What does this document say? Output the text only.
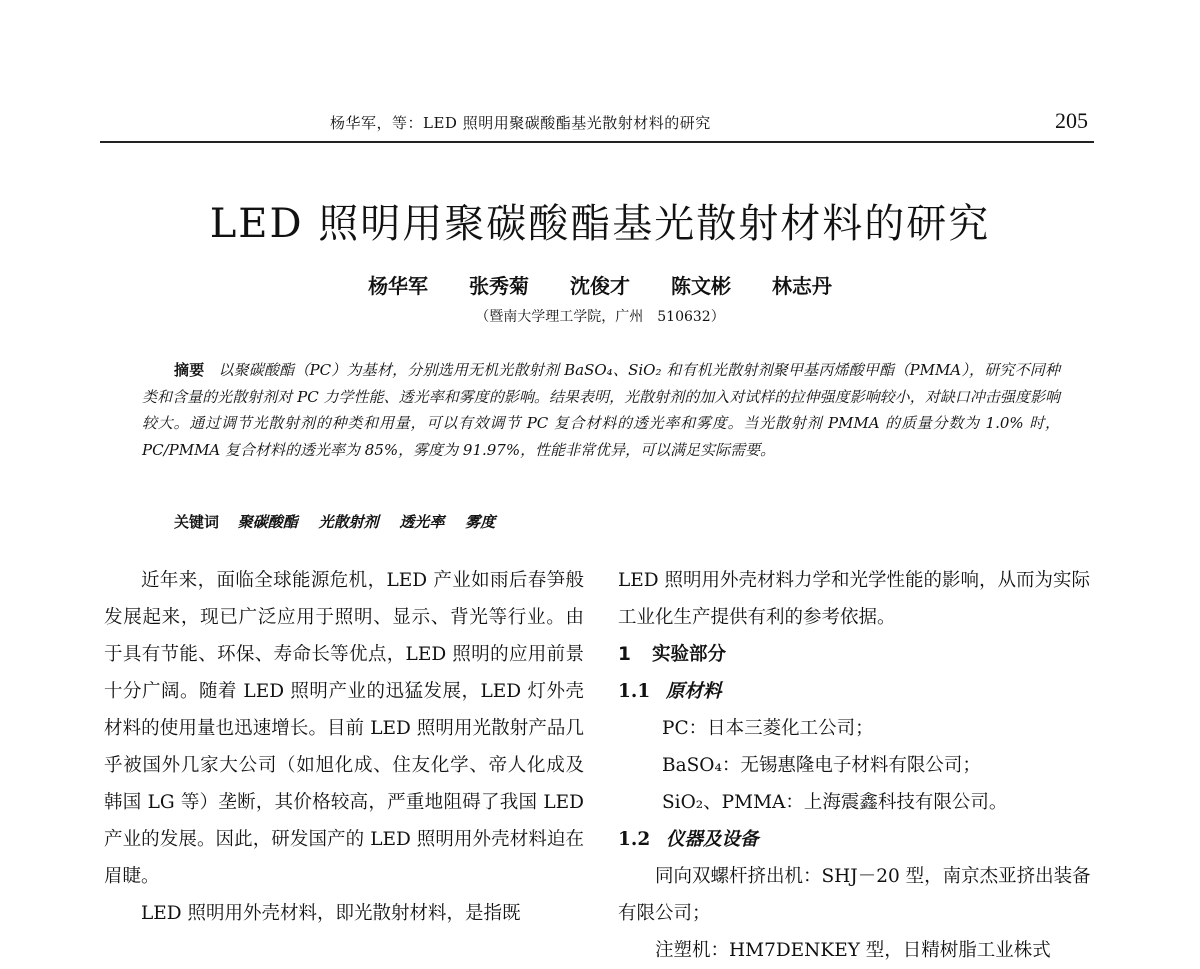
杨华军，等：LED 照明用聚碳酸酯基光散射材料的研究	205
LED 照明用聚碳酸酯基光散射材料的研究
杨华军 张秀菊 沈俊才 陈文彬 林志丹
（暨南大学理工学院，广州　510632）
摘要 以聚碳酸酯（PC）为基材，分别选用无机光散射剂 BaSO₄、SiO₂ 和有机光散射剂聚甲基丙烯酸甲酯（PMMA），研究不同种类和含量的光散射剂对 PC 力学性能、透光率和雾度的影响。结果表明，光散射剂的加入对试样的拉伸强度影响较小，对缺口冲击强度影响较大。通过调节光散射剂的种类和用量，可以有效调节 PC 复合材料的透光率和雾度。当光散射剂 PMMA 的质量分数为 1.0% 时，PC/PMMA 复合材料的透光率为 85%，雾度为 91.97%，性能非常优异，可以满足实际需要。
关键词 聚碳酸酯 光散射剂 透光率 雾度

近年来，面临全球能源危机，LED 产业如雨后春笋般发展起来，现已广泛应用于照明、显示、背光等行业。由于具有节能、环保、寿命长等优点，LED 照明的应用前景十分广阔。随着 LED 照明产业的迅猛发展，LED 灯外壳材料的使用量也迅速增长。目前 LED 照明用光散射产品几乎被国外几家大公司（如旭化成、住友化学、帝人化成及韩国 LG 等）垄断，其价格较高，严重地阻碍了我国 LED 产业的发展。因此，研发国产的 LED 照明用外壳材料迫在眉睫。

LED 照明用外壳材料，即光散射材料，是指既

LED 照明用外壳材料力学和光学性能的影响，从而为实际工业化生产提供有利的参考依据。

1 实验部分

1.1 原材料

PC：日本三菱化工公司；

BaSO₄：无锡惠隆电子材料有限公司；

SiO₂、PMMA：上海震鑫科技有限公司。

1.2 仪器及设备

同向双螺杆挤出机：SHJ－20 型，南京杰亚挤出装备有限公司；

注塑机：HM7DENKEY 型，日精树脂工业株式
